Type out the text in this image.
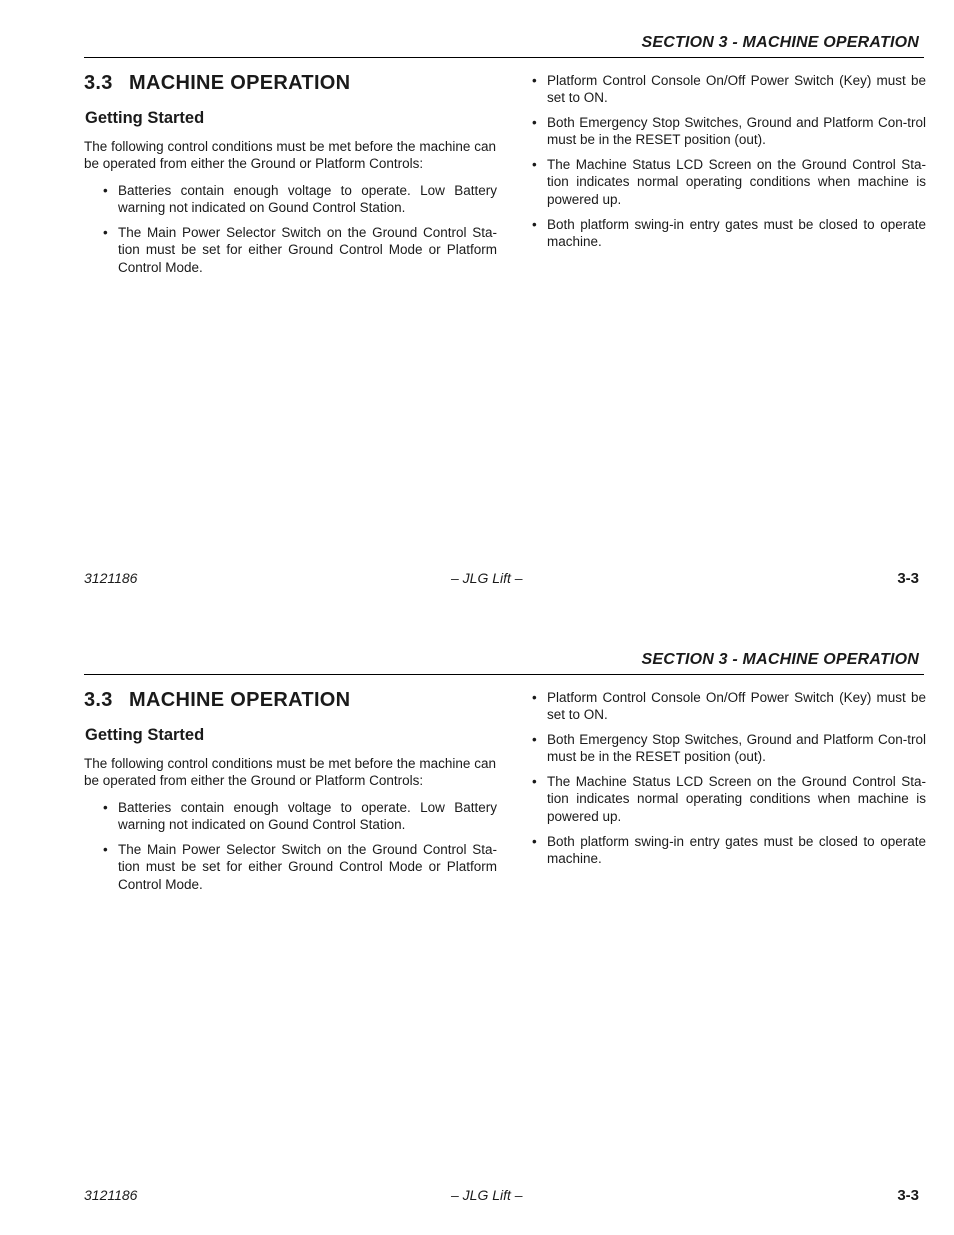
SECTION 3 - MACHINE OPERATION
3.3 MACHINE OPERATION
Getting Started
The following control conditions must be met before the machine can be operated from either the Ground or Platform Controls:
• Batteries contain enough voltage to operate. Low Battery warning not indicated on Gound Control Station.
• The Main Power Selector Switch on the Ground Control Sta-tion must be set for either Ground Control Mode or Platform Control Mode.
• Platform Control Console On/Off Power Switch (Key) must be set to ON.
• Both Emergency Stop Switches, Ground and Platform Con-trol must be in the RESET position (out).
• The Machine Status LCD Screen on the Ground Control Sta-tion indicates normal operating conditions when machine is powered up.
• Both platform swing-in entry gates must be closed to operate machine.
3121186	– JLG Lift –	3-3
SECTION 3 - MACHINE OPERATION
3.3 MACHINE OPERATION
Getting Started
The following control conditions must be met before the machine can be operated from either the Ground or Platform Controls:
• Batteries contain enough voltage to operate. Low Battery warning not indicated on Gound Control Station.
• The Main Power Selector Switch on the Ground Control Sta-tion must be set for either Ground Control Mode or Platform Control Mode.
• Platform Control Console On/Off Power Switch (Key) must be set to ON.
• Both Emergency Stop Switches, Ground and Platform Con-trol must be in the RESET position (out).
• The Machine Status LCD Screen on the Ground Control Sta-tion indicates normal operating conditions when machine is powered up.
• Both platform swing-in entry gates must be closed to operate machine.
3121186	– JLG Lift –	3-3
